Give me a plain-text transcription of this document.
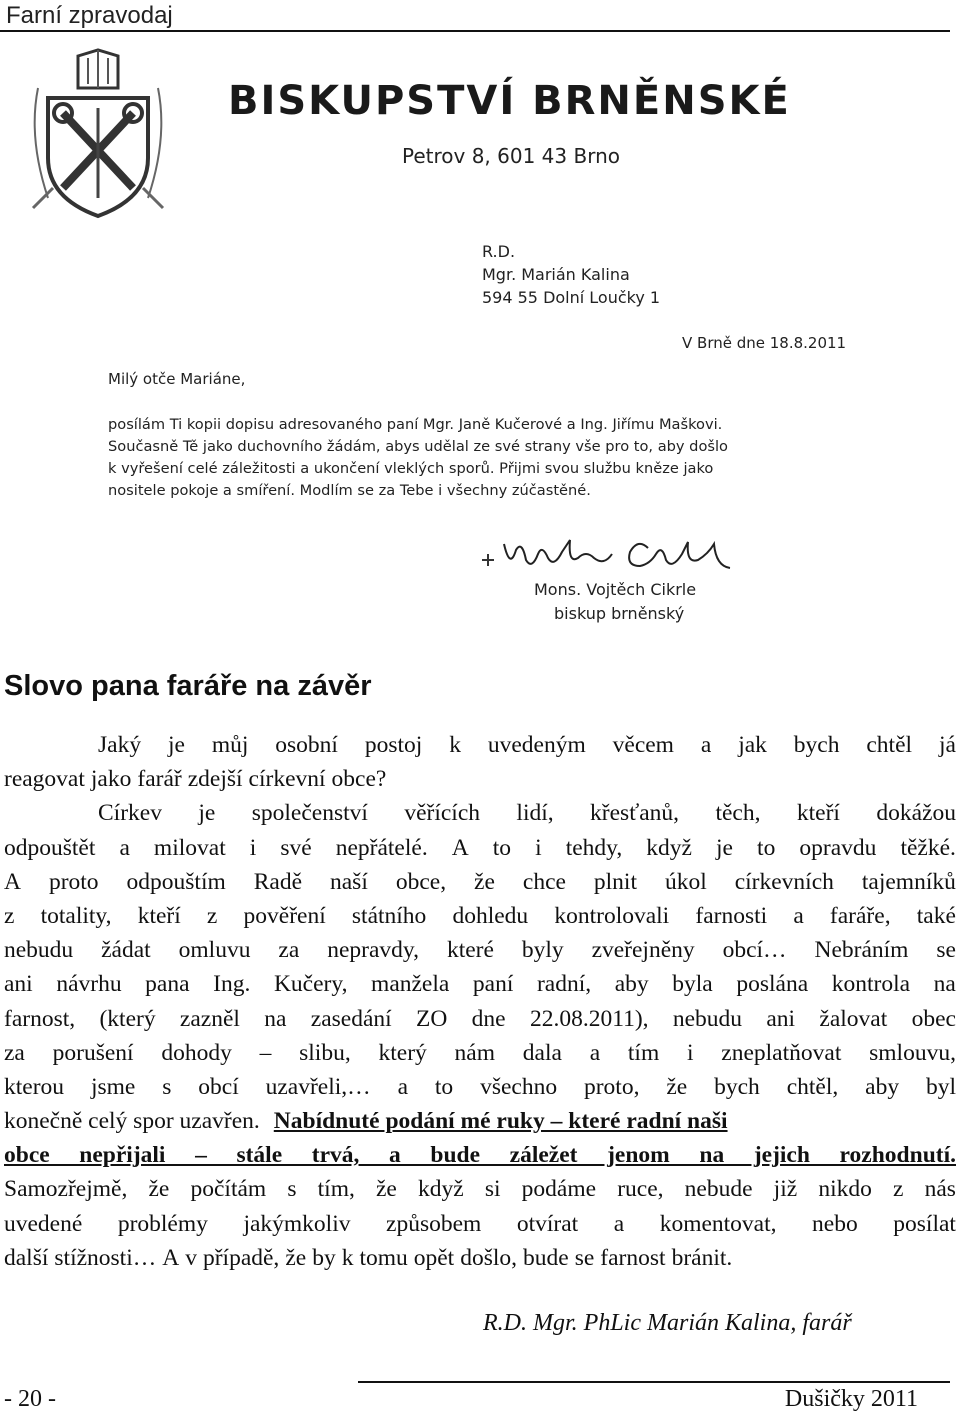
Farní zpravodaj
BISKUPSTVÍ BRNĚNSKÉ
Petrov 8, 601 43 Brno
R.D.
Mgr. Marián Kalina
594 55 Dolní Loučky 1
V Brně dne 18.8.2011
Milý otče Mariáne,
posílám Ti kopii dopisu adresovaného paní Mgr. Janě Kučerové a Ing. Jiřímu Maškovi.
Současně Tě jako duchovního žádám, abys udělal ze své strany vše pro to, aby došlo
k vyřešení celé záležitosti a ukončení vleklých sporů. Přijmi svou službu kněze jako
nositele pokoje a smíření. Modlím se za Tebe i všechny zúčastěné.
Mons. Vojtěch Cikrle
biskup brněnský
Slovo pana faráře na závěr
Jaký je můj osobní postoj k uvedeným věcem a jak bych chtěl já
reagovat jako farář zdejší církevní obce?
Církev je společenství věřících lidí, křesťanů, těch, kteří dokážou
odpouštět a milovat i své nepřátelé. A to i tehdy, když je to opravdu těžké.
A proto odpouštím Radě naší obce, že chce plnit úkol církevních tajemníků
z totality, kteří z pověření státního dohledu kontrolovali farnosti a faráře, také
nebudu žádat omluvu za nepravdy, které byly zveřejněny obcí… Nebráním se
ani návrhu pana Ing. Kučery, manžela paní radní, aby byla poslána kontrola na
farnost, (který zazněl na zasedání ZO dne 22.08.2011), nebudu ani žalovat obec
za porušení dohody – slibu, který nám dala a tím i zneplatňovat smlouvu,
kterou jsme s obcí uzavřeli,… a to všechno proto, že bych chtěl, aby byl
konečně celý spor uzavřen. Nabídnuté podání mé ruky – které radní naši
obce nepřijali – stále trvá, a bude záležet jenom na jejich rozhodnutí.
Samozřejmě, že počítám s tím, že když si podáme ruce, nebude již nikdo z nás
uvedené problémy jakýmkoliv způsobem otvírat a komentovat, nebo posílat
další stížnosti… A v případě, že by k tomu opět došlo, bude se farnost bránit.
R.D. Mgr. PhLic Marián Kalina, farář
- 20 -	Dušičky 2011
